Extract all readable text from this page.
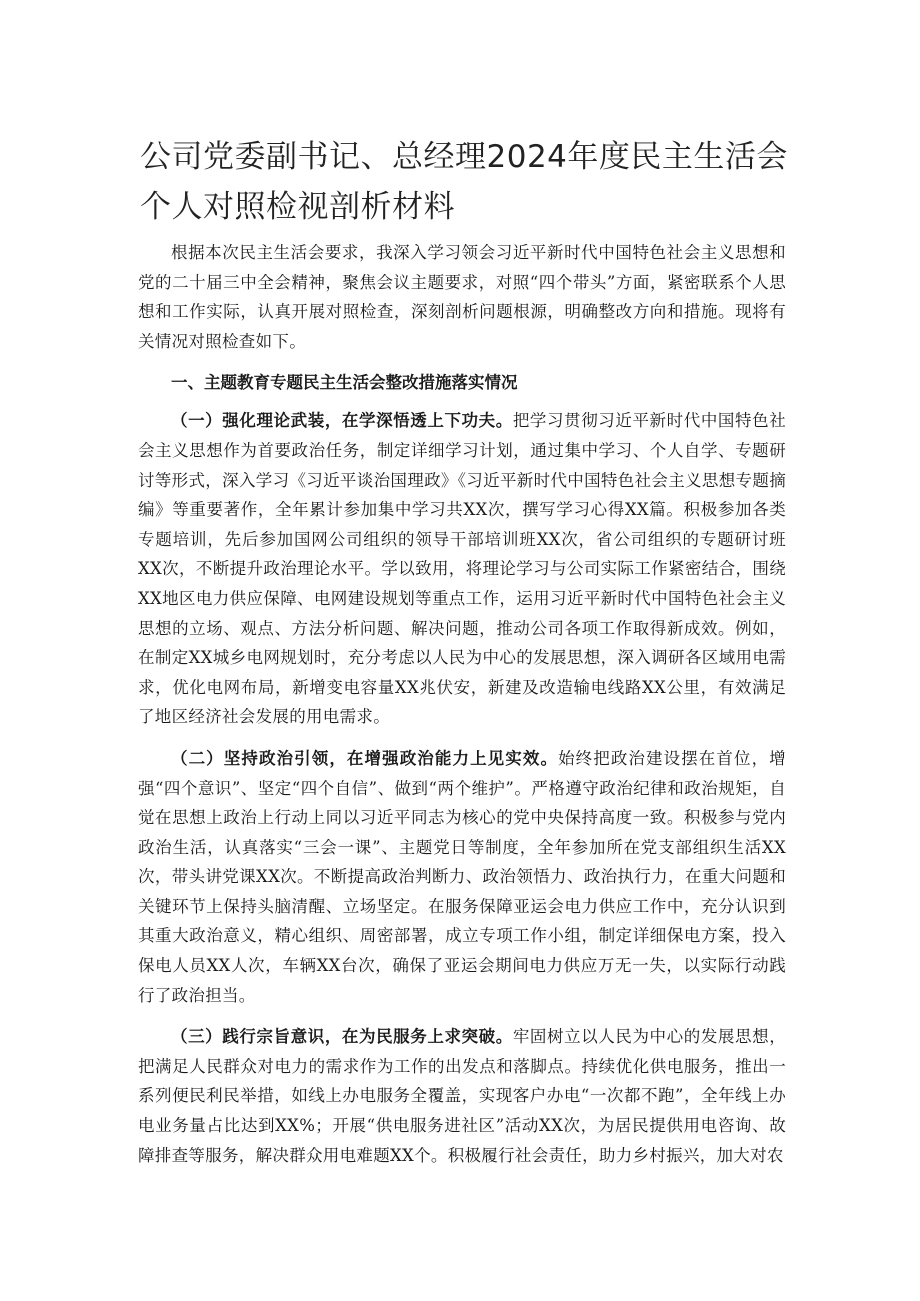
公司党委副书记、总经理2024年度民主生活会个人对照检视剖析材料

根据本次民主生活会要求，我深入学习领会习近平新时代中国特色社会主义思想和党的二十届三中全会精神，聚焦会议主题要求，对照“四个带头”方面，紧密联系个人思想和工作实际，认真开展对照检查，深刻剖析问题根源，明确整改方向和措施。现将有关情况对照检查如下。

一、主题教育专题民主生活会整改措施落实情况

（一）强化理论武装，在学深悟透上下功夫。把学习贯彻习近平新时代中国特色社会主义思想作为首要政治任务，制定详细学习计划，通过集中学习、个人自学、专题研讨等形式，深入学习《习近平谈治国理政》《习近平新时代中国特色社会主义思想专题摘编》等重要著作，全年累计参加集中学习共XX次，撰写学习心得XX篇。积极参加各类专题培训，先后参加国网公司组织的领导干部培训班XX次，省公司组织的专题研讨班XX次，不断提升政治理论水平。学以致用，将理论学习与公司实际工作紧密结合，围绕XX地区电力供应保障、电网建设规划等重点工作，运用习近平新时代中国特色社会主义思想的立场、观点、方法分析问题、解决问题，推动公司各项工作取得新成效。例如，在制定XX城乡电网规划时，充分考虑以人民为中心的发展思想，深入调研各区域用电需求，优化电网布局，新增变电容量XX兆伏安，新建及改造输电线路XX公里，有效满足了地区经济社会发展的用电需求。

（二）坚持政治引领，在增强政治能力上见实效。始终把政治建设摆在首位，增强“四个意识”、坚定“四个自信”、做到“两个维护”。严格遵守政治纪律和政治规矩，自觉在思想上政治上行动上同以习近平同志为核心的党中央保持高度一致。积极参与党内政治生活，认真落实“三会一课”、主题党日等制度，全年参加所在党支部组织生活XX次，带头讲党课XX次。不断提高政治判断力、政治领悟力、政治执行力，在重大问题和关键环节上保持头脑清醒、立场坚定。在服务保障亚运会电力供应工作中，充分认识到其重大政治意义，精心组织、周密部署，成立专项工作小组，制定详细保电方案，投入保电人员XX人次，车辆XX台次，确保了亚运会期间电力供应万无一失，以实际行动践行了政治担当。

（三）践行宗旨意识，在为民服务上求突破。牢固树立以人民为中心的发展思想，把满足人民群众对电力的需求作为工作的出发点和落脚点。持续优化供电服务，推出一系列便民利民举措，如线上办电服务全覆盖，实现客户办电“一次都不跑”，全年线上办电业务量占比达到XX%；开展“供电服务进社区”活动XX次，为居民提供用电咨询、故障排查等服务，解决群众用电难题XX个。积极履行社会责任，助力乡村振兴，加大对农
